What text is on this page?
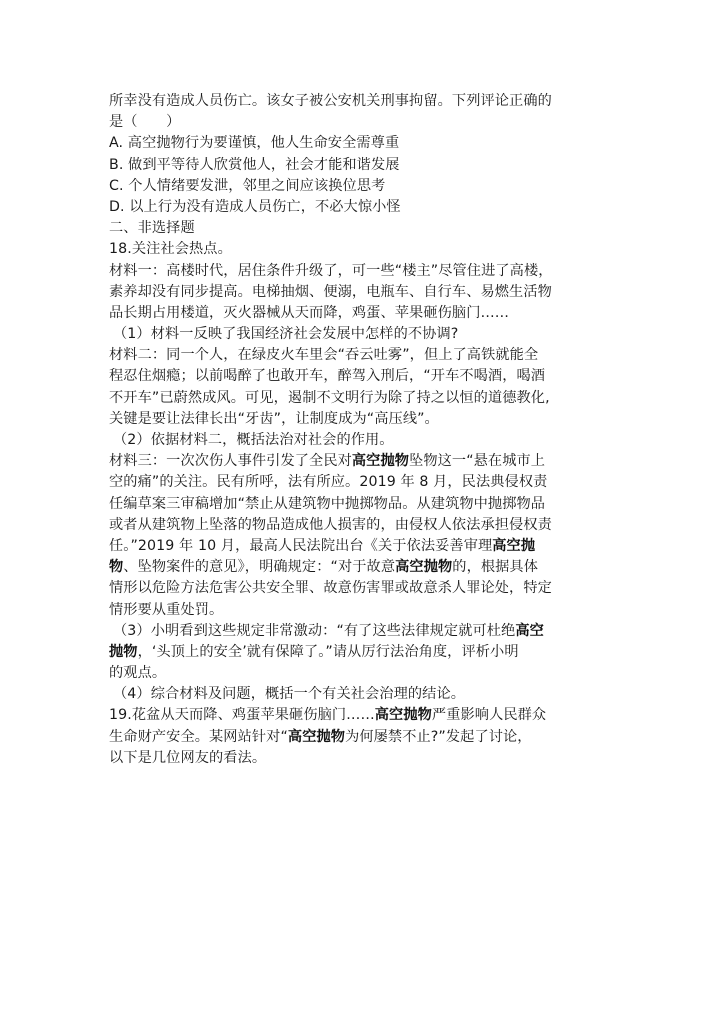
所幸没有造成人员伤亡。该女子被公安机关刑事拘留。下列评论正确的
是（　　）
A. 高空抛物行为要谨慎，他人生命安全需尊重
B. 做到平等待人欣赏他人，社会才能和谐发展
C. 个人情绪要发泄，邻里之间应该换位思考
D. 以上行为没有造成人员伤亡，不必大惊小怪
二、非选择题
18.关注社会热点。
材料一：高楼时代，居住条件升级了，可一些“楼主”尽管住进了高楼，
素养却没有同步提高。电梯抽烟、便溺，电瓶车、自行车、易燃生活物
品长期占用楼道，灭火器械从天而降，鸡蛋、苹果砸伤脑门……
（1）材料一反映了我国经济社会发展中怎样的不协调?
材料二：同一个人，在绿皮火车里会“吞云吐雾”，但上了高铁就能全
程忍住烟瘾；以前喝醉了也敢开车，醉驾入刑后，“开车不喝酒，喝酒
不开车”已蔚然成风。可见，遏制不文明行为除了持之以恒的道德教化,
关键是要让法律长出“牙齿”，让制度成为“高压线”。
（2）依据材料二，概括法治对社会的作用。
材料三：一次次伤人事件引发了全民对高空抛物坠物这一“悬在城市上
空的痛”的关注。民有所呼，法有所应。2019 年 8 月，民法典侵权责
任编草案三审稿增加“禁止从建筑物中抛掷物品。从建筑物中抛掷物品
或者从建筑物上坠落的物品造成他人损害的，由侵权人依法承担侵权责
任。”2019 年 10 月，最高人民法院出台《关于依法妥善审理高空抛
物、坠物案件的意见》，明确规定：“对于故意高空抛物的，根据具体
情形以危险方法危害公共安全罪、故意伤害罪或故意杀人罪论处，特定
情形要从重处罚。
（3）小明看到这些规定非常激动：“有了这些法律规定就可杜绝高空
抛物，‘头顶上的安全’就有保障了。”请从厉行法治角度，评析小明
的观点。
（4）综合材料及问题，概括一个有关社会治理的结论。
19.花盆从天而降、鸡蛋苹果砸伤脑门……高空抛物严重影响人民群众
生命财产安全。某网站针对“高空抛物为何屡禁不止?”发起了讨论，
以下是几位网友的看法。
